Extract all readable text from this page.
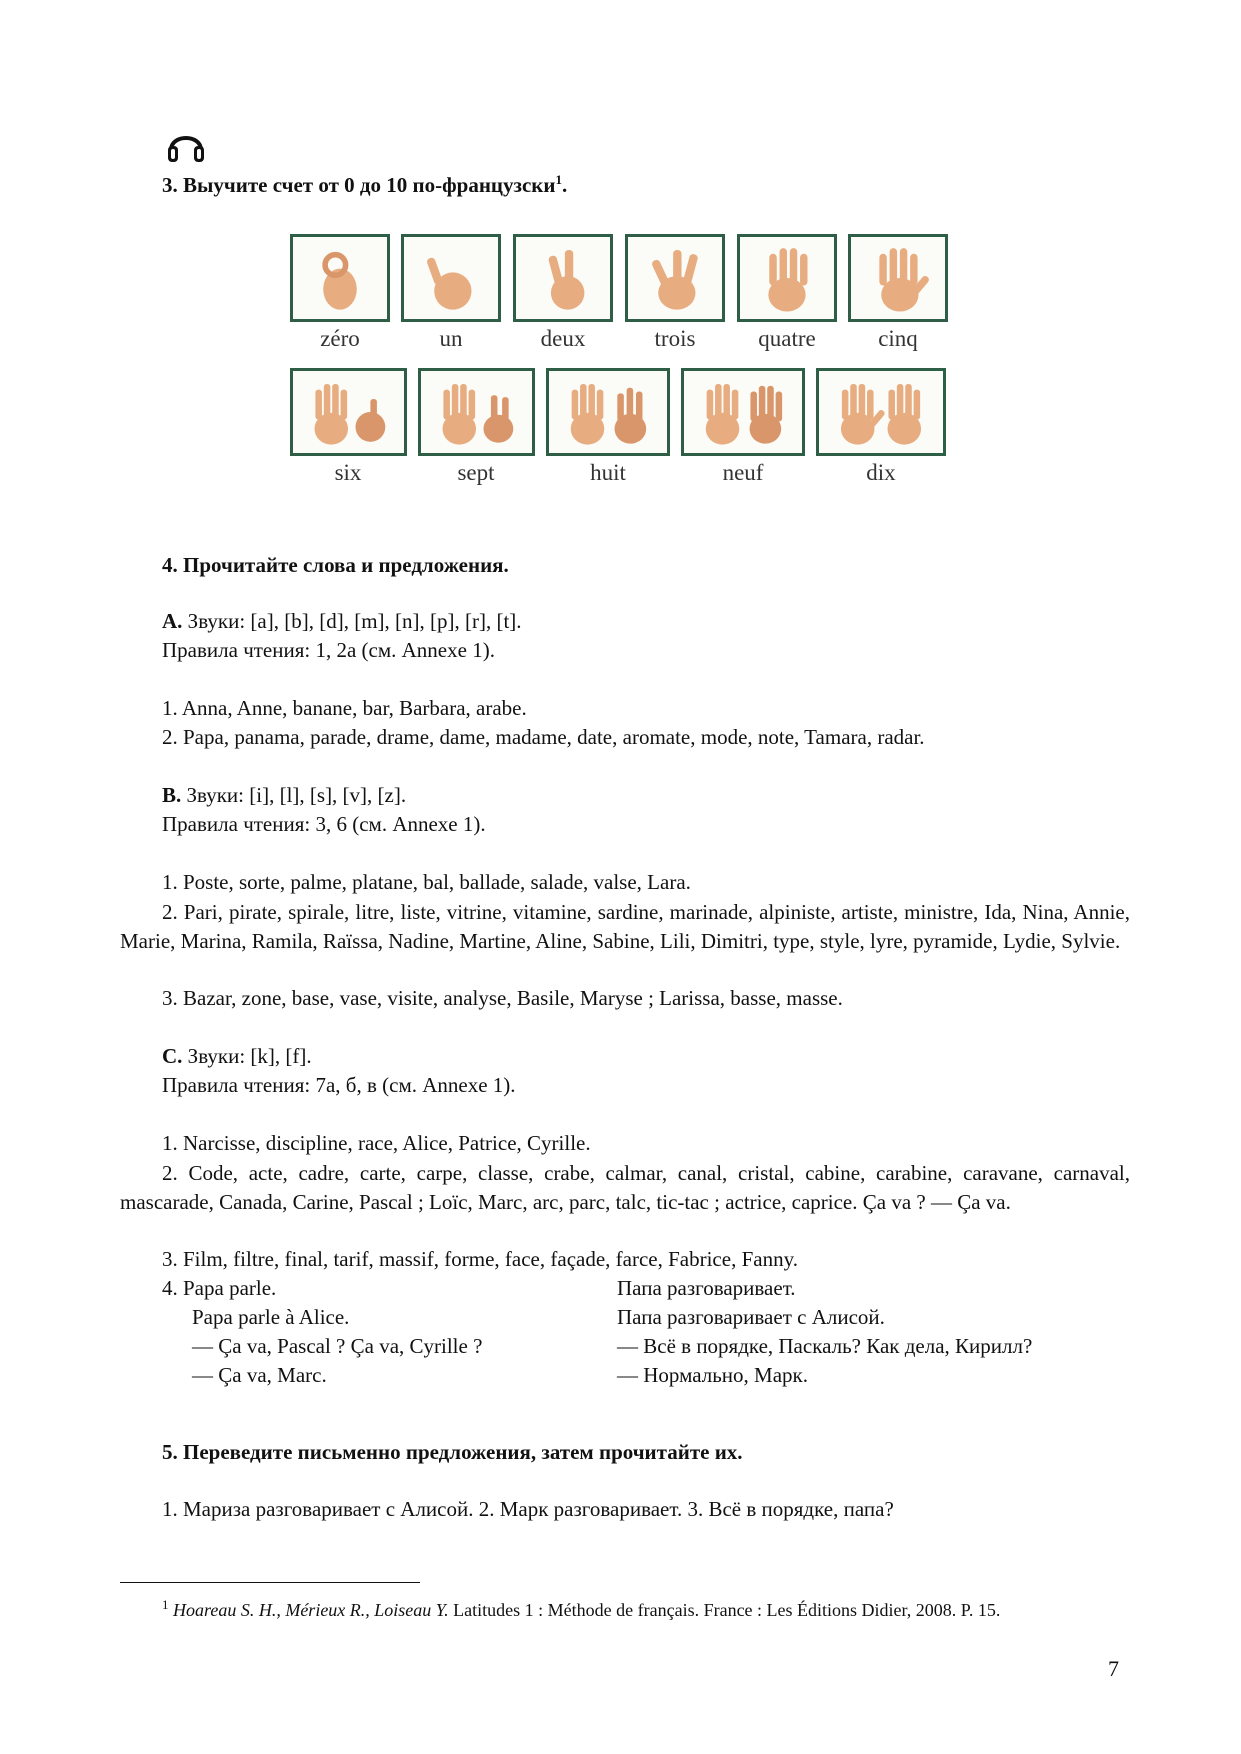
3. Выучите счет от 0 до 10 по-французски$^1$.
zéro	un	deux	trois	quatre	cinq
six	sept	huit	neuf	dix
4. Прочитайте слова и предложения.
A. Звуки: [a], [b], [d], [m], [n], [p], [r], [t].
Правила чтения: 1, 2a (см. Annexe 1).
1. Anna, Anne, banane, bar, Barbara, arabe.
2. Papa, panama, parade, drame, dame, madame, date, aromate, mode, note, Tamara, radar.
B. Звуки: [i], [l], [s], [v], [z].
Правила чтения: 3, 6 (см. Annexe 1).
1. Poste, sorte, palme, platane, bal, ballade, salade, valse, Lara.
2. Pari, pirate, spirale, litre, liste, vitrine, vitamine, sardine, marinade, alpiniste, artiste, ministre, Ida, Nina, Annie, Marie, Marina, Ramila, Raïssa, Nadine, Martine, Aline, Sabine, Lili, Dimitri, type, style, lyre, pyramide, Lydie, Sylvie.
3. Bazar, zone, base, vase, visite, analyse, Basile, Maryse ; Larissa, basse, masse.
C. Звуки: [k], [f].
Правила чтения: 7а, б, в (см. Annexe 1).
1. Narcisse, discipline, race, Alice, Patrice, Cyrille.
2. Code, acte, cadre, carte, carpe, classe, crabe, calmar, canal, cristal, cabine, carabine, caravane, carnaval, mascarade, Canada, Carine, Pascal ; Loïc, Marc, arc, parc, talc, tic-tac ; actrice, caprice. Ça va ? — Ça va.
3. Film, filtre, final, tarif, massif, forme, face, façade, farce, Fabrice, Fanny.
4. Papa parle.	Папа разговаривает.
Papa parle à Alice.	Папа разговаривает с Алисой.
— Ça va, Pascal ? Ça va, Cyrille ?	— Всё в порядке, Паскаль? Как дела, Кирилл?
— Ça va, Marc.	— Нормально, Марк.
5. Переведите письменно предложения, затем прочитайте их.
1. Мариза разговаривает с Алисой. 2. Марк разговаривает. 3. Всё в порядке, папа?
$^1$ Hoareau S. H., Mérieux R., Loiseau Y. Latitudes 1 : Méthode de français. France : Les Éditions Didier, 2008. P. 15.
7
